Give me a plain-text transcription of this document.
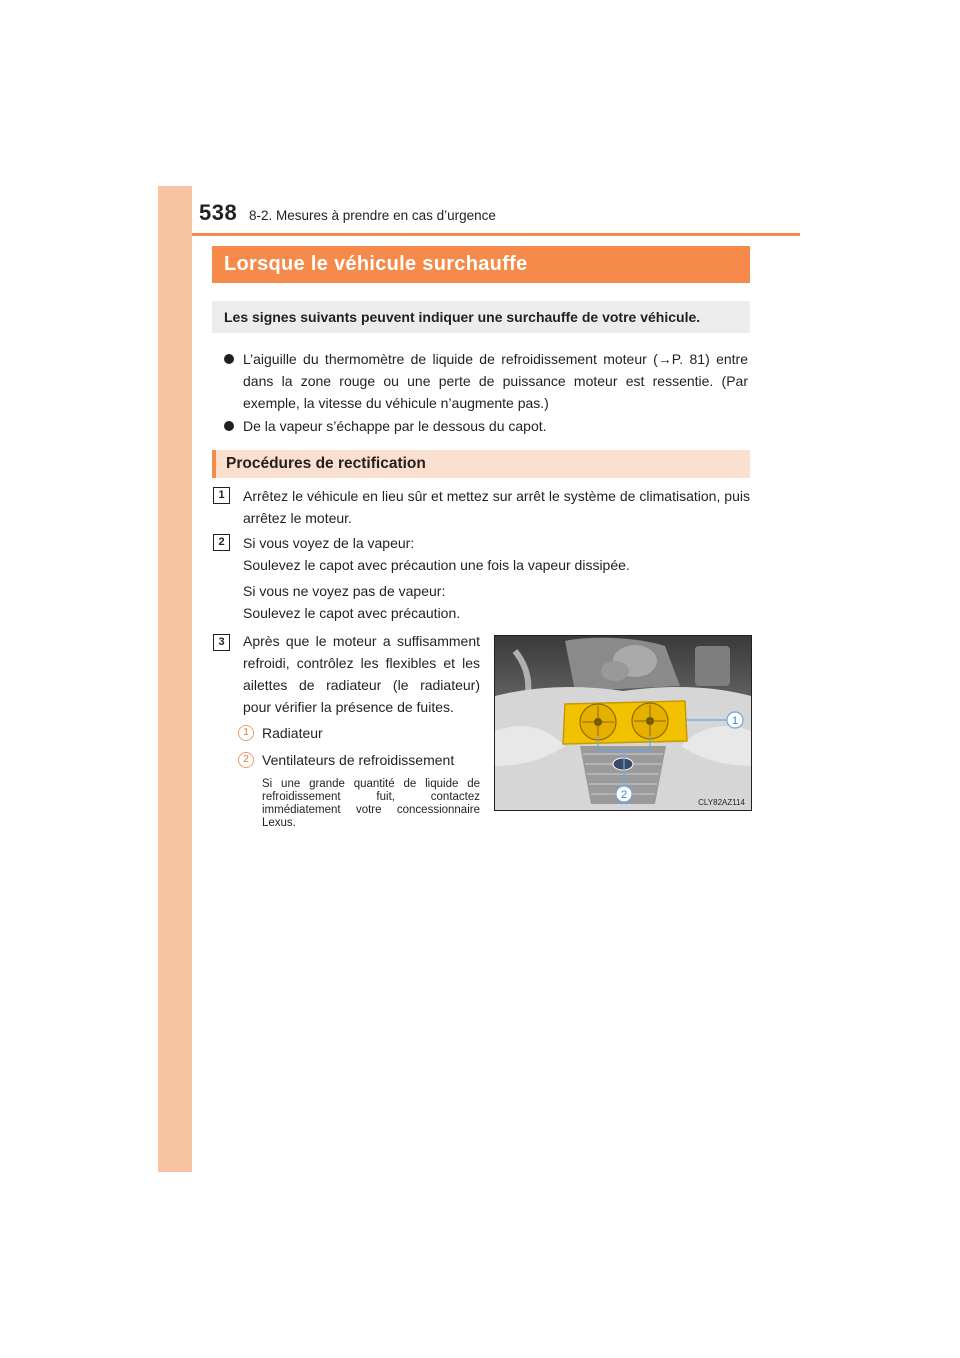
538 8-2. Mesures à prendre en cas d’urgence
Lorsque le véhicule surchauffe
Les signes suivants peuvent indiquer une surchauffe de votre véhicule.
L’aiguille du thermomètre de liquide de refroidissement moteur (→P. 81) entre dans la zone rouge ou une perte de puissance moteur est ressentie. (Par exemple, la vitesse du véhicule n’augmente pas.)
De la vapeur s’échappe par le dessous du capot.
Procédures de rectification
1	Arrêtez le véhicule en lieu sûr et mettez sur arrêt le système de climatisation, puis arrêtez le moteur.
2	Si vous voyez de la vapeur:
Soulevez le capot avec précaution une fois la vapeur dissipée.
Si vous ne voyez pas de vapeur:
Soulevez le capot avec précaution.
3	Après que le moteur a suffisamment refroidi, contrôlez les flexibles et les ailettes de radiateur (le radiateur) pour vérifier la présence de fuites.
1 Radiateur
2 Ventilateurs de refroidissement
Si une grande quantité de liquide de refroidissement fuit, contactez immédiatement votre concessionnaire Lexus.
1
2
CLY82AZ114
